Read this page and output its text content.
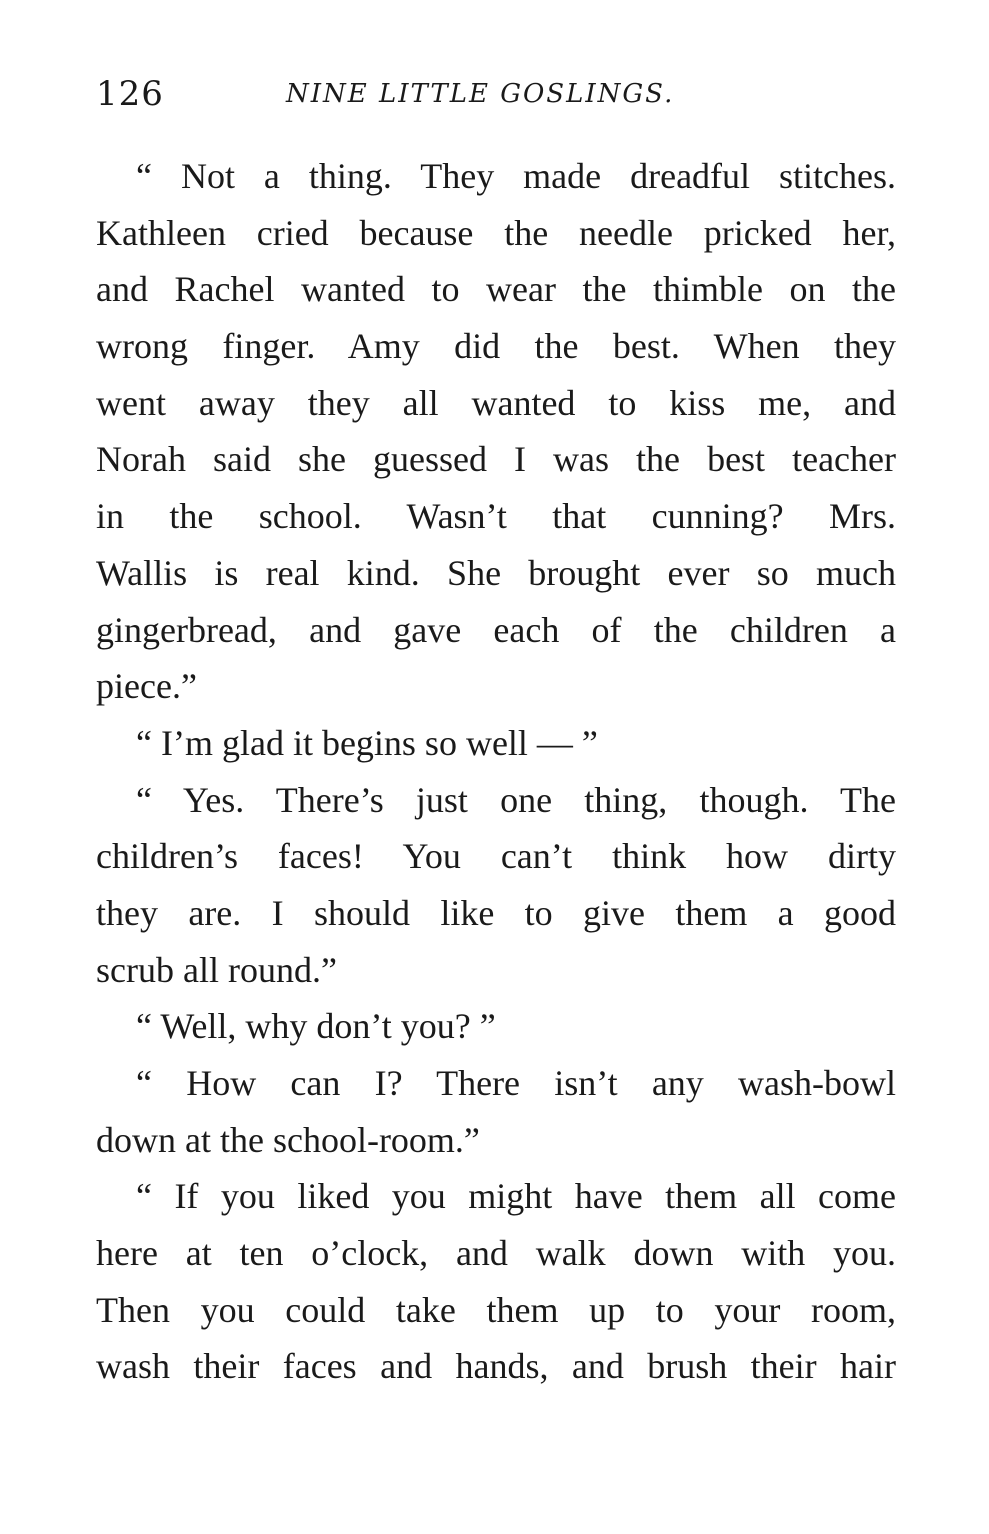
126	NINE LITTLE GOSLINGS.
“ Not a thing. They made dreadful stitches.
Kathleen cried because the needle pricked her,
and Rachel wanted to wear the thimble on the
wrong finger. Amy did the best. When they
went away they all wanted to kiss me, and
Norah said she guessed I was the best teacher
in the school. Wasn’t that cunning? Mrs.
Wallis is real kind. She brought ever so much
gingerbread, and gave each of the children a
piece.”
“ I’m glad it begins so well — ”
“ Yes. There’s just one thing, though. The
children’s faces! You can’t think how dirty
they are. I should like to give them a good
scrub all round.”
“ Well, why don’t you? ”
“ How can I? There isn’t any wash-bowl
down at the school-room.”
“ If you liked you might have them all come
here at ten o’clock, and walk down with you.
Then you could take them up to your room,
wash their faces and hands, and brush their hair
